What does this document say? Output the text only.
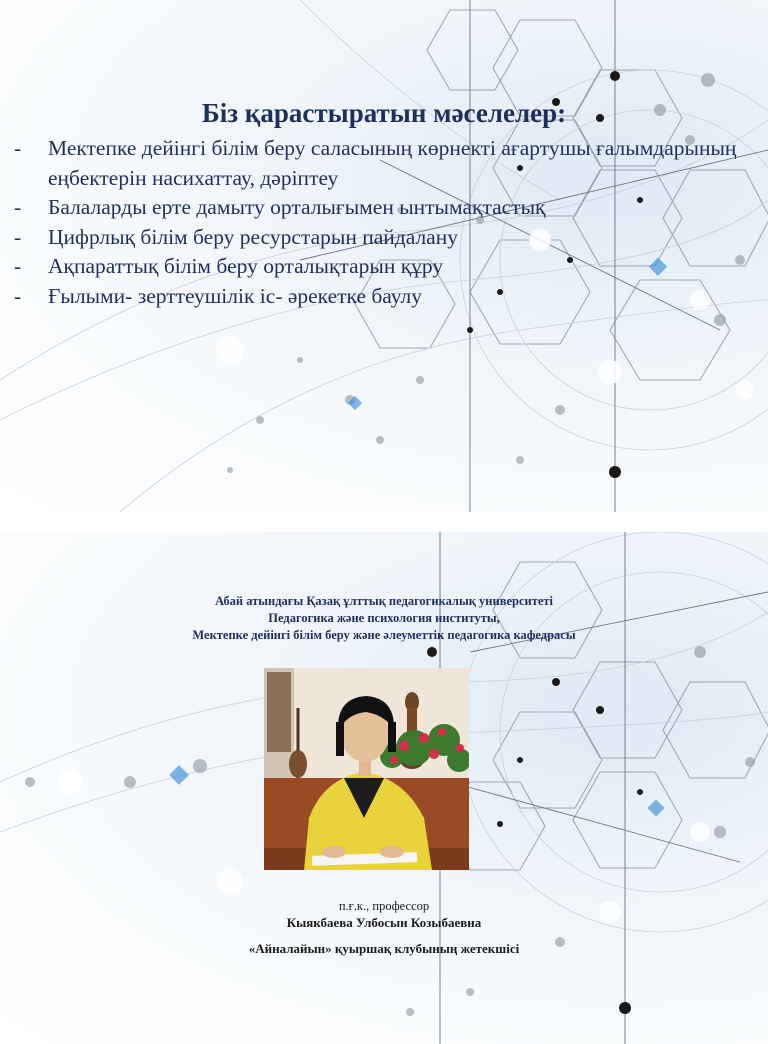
Біз қарастыратын мәселелер:
- Мектепке дейінгі білім беру саласының көрнекті ағартушы ғалымдарының еңбектерін насихаттау, дәріптеу
- Балаларды ерте дамыту орталығымен ынтымақтастық
- Цифрлық білім беру ресурстарын пайдалану
- Ақпараттық білім беру орталықтарын құру
- Ғылыми- зерттеушілік іс- әрекетке баулу
Абай атындағы Қазақ ұлттық педагогикалық университеті
Педагогика және психология институты,
Мектепке дейінгі білім беру және әлеуметтік педагогика кафедрасы
п.ғ.к., профессор
Кыякбаева Улбосын Козыбаевна
«Айналайын» қуыршақ клубының жетекшісі
